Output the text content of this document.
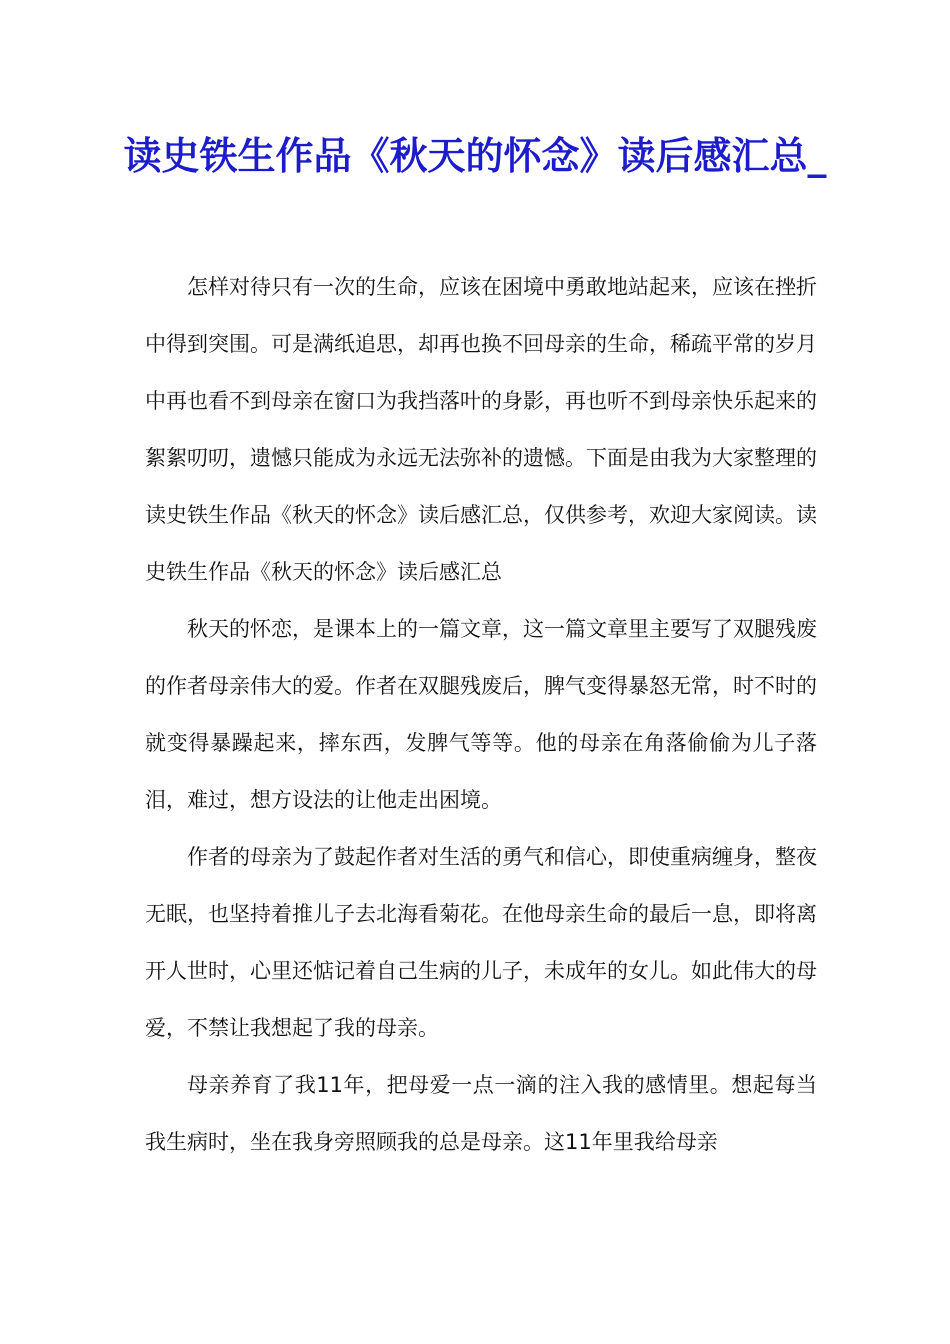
读史铁生作品《秋天的怀念》读后感汇总_

怎样对待只有一次的生命，应该在困境中勇敢地站起来，应该在挫折中得到突围。可是满纸追思，却再也换不回母亲的生命，稀疏平常的岁月中再也看不到母亲在窗口为我挡落叶的身影，再也听不到母亲快乐起来的絮絮叨叨，遗憾只能成为永远无法弥补的遗憾。下面是由我为大家整理的读史铁生作品《秋天的怀念》读后感汇总，仅供参考，欢迎大家阅读。读史铁生作品《秋天的怀念》读后感汇总

秋天的怀恋，是课本上的一篇文章，这一篇文章里主要写了双腿残废的作者母亲伟大的爱。作者在双腿残废后，脾气变得暴怒无常，时不时的就变得暴躁起来，摔东西，发脾气等等。他的母亲在角落偷偷为儿子落泪，难过，想方设法的让他走出困境。

作者的母亲为了鼓起作者对生活的勇气和信心，即使重病缠身，整夜无眠，也坚持着推儿子去北海看菊花。在他母亲生命的最后一息，即将离开人世时，心里还惦记着自己生病的儿子，未成年的女儿。如此伟大的母爱，不禁让我想起了我的母亲。

母亲养育了我11年，把母爱一点一滴的注入我的感情里。想起每当我生病时，坐在我身旁照顾我的总是母亲。这11年里我给母亲
